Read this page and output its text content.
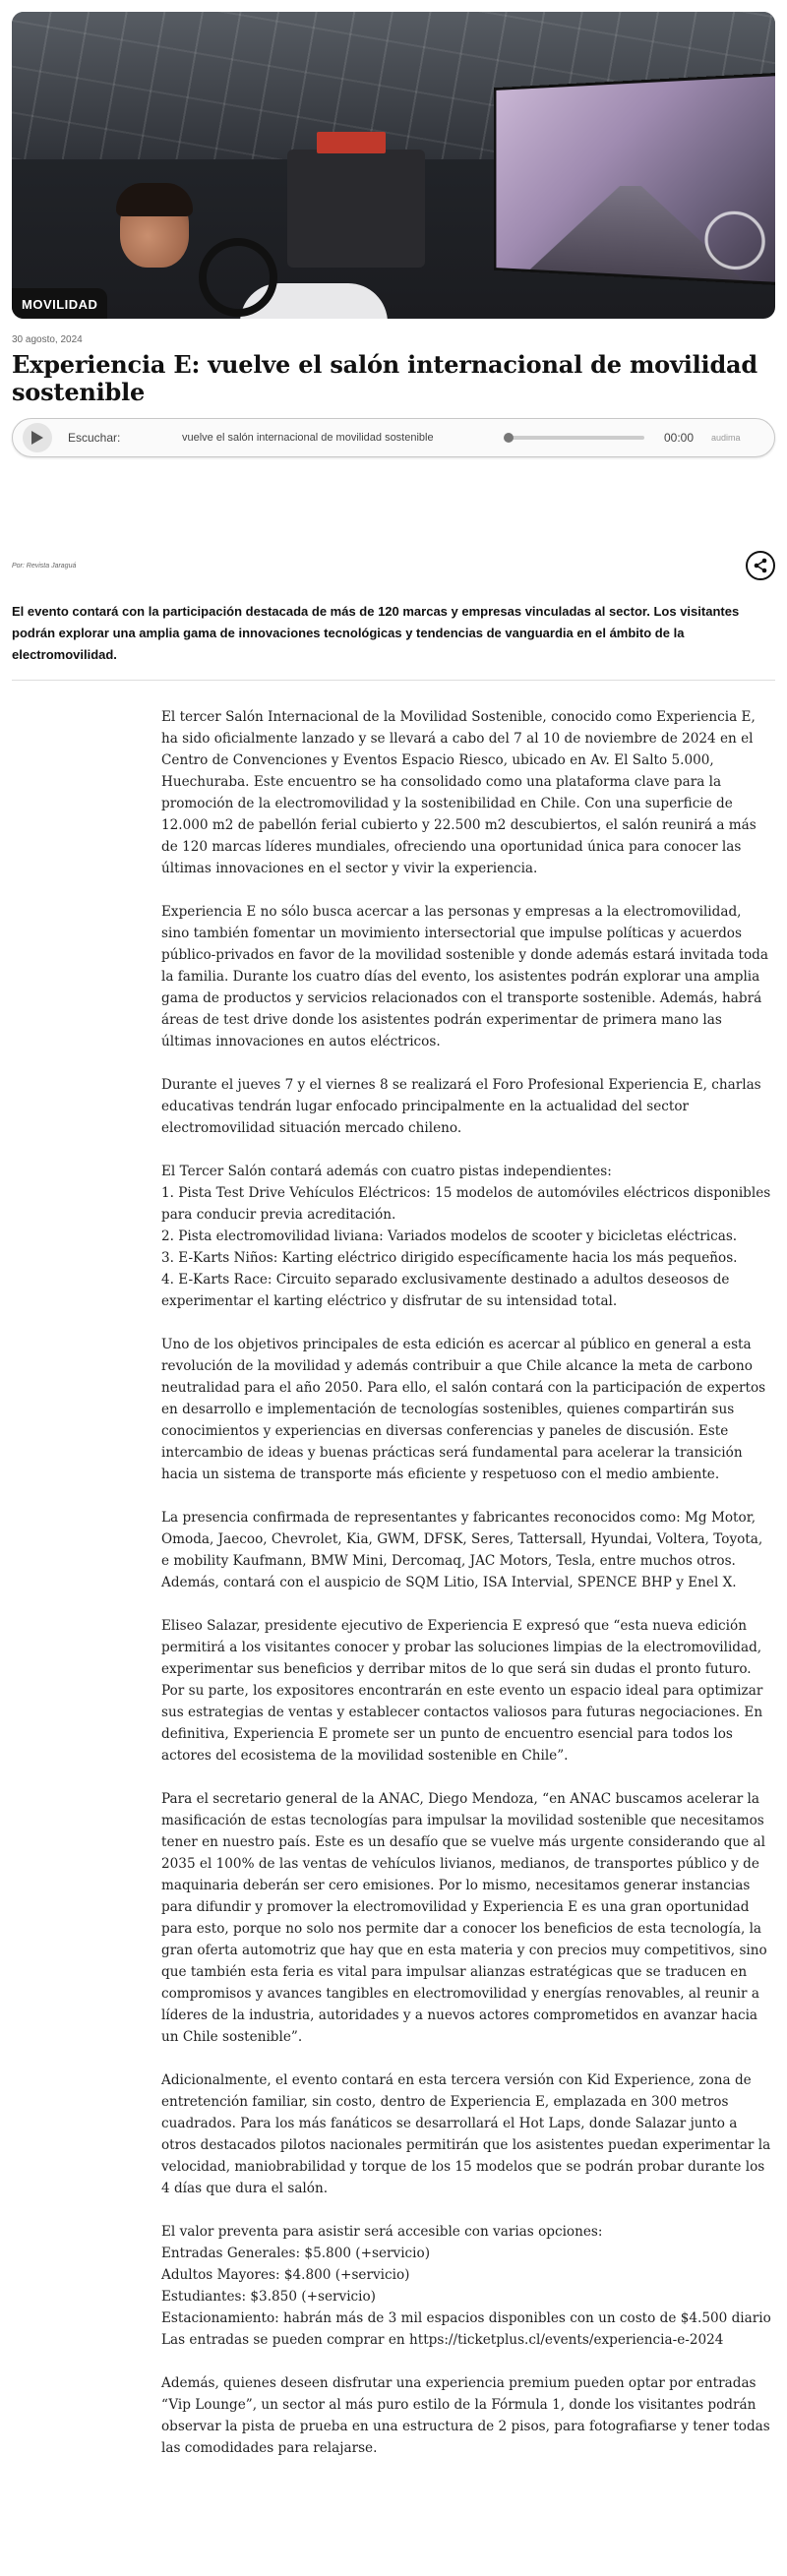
MOVILIDAD
30 agosto, 2024
Experiencia E: vuelve el salón internacional de movilidad sostenible
Escuchar:	vuelve el salón internacional de movilidad sostenible	00:00 audima
Por: Revista Jaraguá

El evento contará con la participación destacada de más de 120 marcas y empresas vinculadas al sector. Los visitantes podrán explorar una amplia gama de innovaciones tecnológicas y tendencias de vanguardia en el ámbito de la electromovilidad.

El tercer Salón Internacional de la Movilidad Sostenible, conocido como Experiencia E, ha sido oficialmente lanzado y se llevará a cabo del 7 al 10 de noviembre de 2024 en el Centro de Convenciones y Eventos Espacio Riesco, ubicado en Av. El Salto 5.000, Huechuraba. Este encuentro se ha consolidado como una plataforma clave para la promoción de la electromovilidad y la sostenibilidad en Chile. Con una superficie de 12.000 m2 de pabellón ferial cubierto y 22.500 m2 descubiertos, el salón reunirá a más de 120 marcas líderes mundiales, ofreciendo una oportunidad única para conocer las últimas innovaciones en el sector y vivir la experiencia.

Experiencia E no sólo busca acercar a las personas y empresas a la electromovilidad, sino también fomentar un movimiento intersectorial que impulse políticas y acuerdos público-privados en favor de la movilidad sostenible y donde además estará invitada toda la familia. Durante los cuatro días del evento, los asistentes podrán explorar una amplia gama de productos y servicios relacionados con el transporte sostenible. Además, habrá áreas de test drive donde los asistentes podrán experimentar de primera mano las últimas innovaciones en autos eléctricos.

Durante el jueves 7 y el viernes 8 se realizará el Foro Profesional Experiencia E, charlas educativas tendrán lugar enfocado principalmente en la actualidad del sector electromovilidad situación mercado chileno.

El Tercer Salón contará además con cuatro pistas independientes:
1. Pista Test Drive Vehículos Eléctricos: 15 modelos de automóviles eléctricos disponibles para conducir previa acreditación.
2. Pista electromovilidad liviana: Variados modelos de scooter y bicicletas eléctricas.
3. E-Karts Niños: Karting eléctrico dirigido específicamente hacia los más pequeños.
4. E-Karts Race: Circuito separado exclusivamente destinado a adultos deseosos de experimentar el karting eléctrico y disfrutar de su intensidad total.

Uno de los objetivos principales de esta edición es acercar al público en general a esta revolución de la movilidad y además contribuir a que Chile alcance la meta de carbono neutralidad para el año 2050. Para ello, el salón contará con la participación de expertos en desarrollo e implementación de tecnologías sostenibles, quienes compartirán sus conocimientos y experiencias en diversas conferencias y paneles de discusión. Este intercambio de ideas y buenas prácticas será fundamental para acelerar la transición hacia un sistema de transporte más eficiente y respetuoso con el medio ambiente.

La presencia confirmada de representantes y fabricantes reconocidos como: Mg Motor, Omoda, Jaecoo, Chevrolet, Kia, GWM, DFSK, Seres, Tattersall, Hyundai, Voltera, Toyota, e mobility Kaufmann, BMW Mini, Dercomaq, JAC Motors, Tesla, entre muchos otros. Además, contará con el auspicio de SQM Litio, ISA Intervial, SPENCE BHP y Enel X.

Eliseo Salazar, presidente ejecutivo de Experiencia E expresó que “esta nueva edición permitirá a los visitantes conocer y probar las soluciones limpias de la electromovilidad, experimentar sus beneficios y derribar mitos de lo que será sin dudas el pronto futuro. Por su parte, los expositores encontrarán en este evento un espacio ideal para optimizar sus estrategias de ventas y establecer contactos valiosos para futuras negociaciones. En definitiva, Experiencia E promete ser un punto de encuentro esencial para todos los actores del ecosistema de la movilidad sostenible en Chile”.

Para el secretario general de la ANAC, Diego Mendoza, “en ANAC buscamos acelerar la masificación de estas tecnologías para impulsar la movilidad sostenible que necesitamos tener en nuestro país. Este es un desafío que se vuelve más urgente considerando que al 2035 el 100% de las ventas de vehículos livianos, medianos, de transportes público y de maquinaria deberán ser cero emisiones. Por lo mismo, necesitamos generar instancias para difundir y promover la electromovilidad y Experiencia E es una gran oportunidad para esto, porque no solo nos permite dar a conocer los beneficios de esta tecnología, la gran oferta automotriz que hay que en esta materia y con precios muy competitivos, sino que también esta feria es vital para impulsar alianzas estratégicas que se traducen en compromisos y avances tangibles en electromovilidad y energías renovables, al reunir a líderes de la industria, autoridades y a nuevos actores comprometidos en avanzar hacia un Chile sostenible”.

Adicionalmente, el evento contará en esta tercera versión con Kid Experience, zona de entretención familiar, sin costo, dentro de Experiencia E, emplazada en 300 metros cuadrados. Para los más fanáticos se desarrollará el Hot Laps, donde Salazar junto a otros destacados pilotos nacionales permitirán que los asistentes puedan experimentar la velocidad, maniobrabilidad y torque de los 15 modelos que se podrán probar durante los 4 días que dura el salón.

El valor preventa para asistir será accesible con varias opciones:
Entradas Generales: $5.800 (+servicio)
Adultos Mayores: $4.800 (+servicio)
Estudiantes: $3.850 (+servicio)
Estacionamiento: habrán más de 3 mil espacios disponibles con un costo de $4.500 diario
Las entradas se pueden comprar en https://ticketplus.cl/events/experiencia-e-2024

Además, quienes deseen disfrutar una experiencia premium pueden optar por entradas “Vip Lounge”, un sector al más puro estilo de la Fórmula 1, donde los visitantes podrán observar la pista de prueba en una estructura de 2 pisos, para fotografiarse y tener todas las comodidades para relajarse.
